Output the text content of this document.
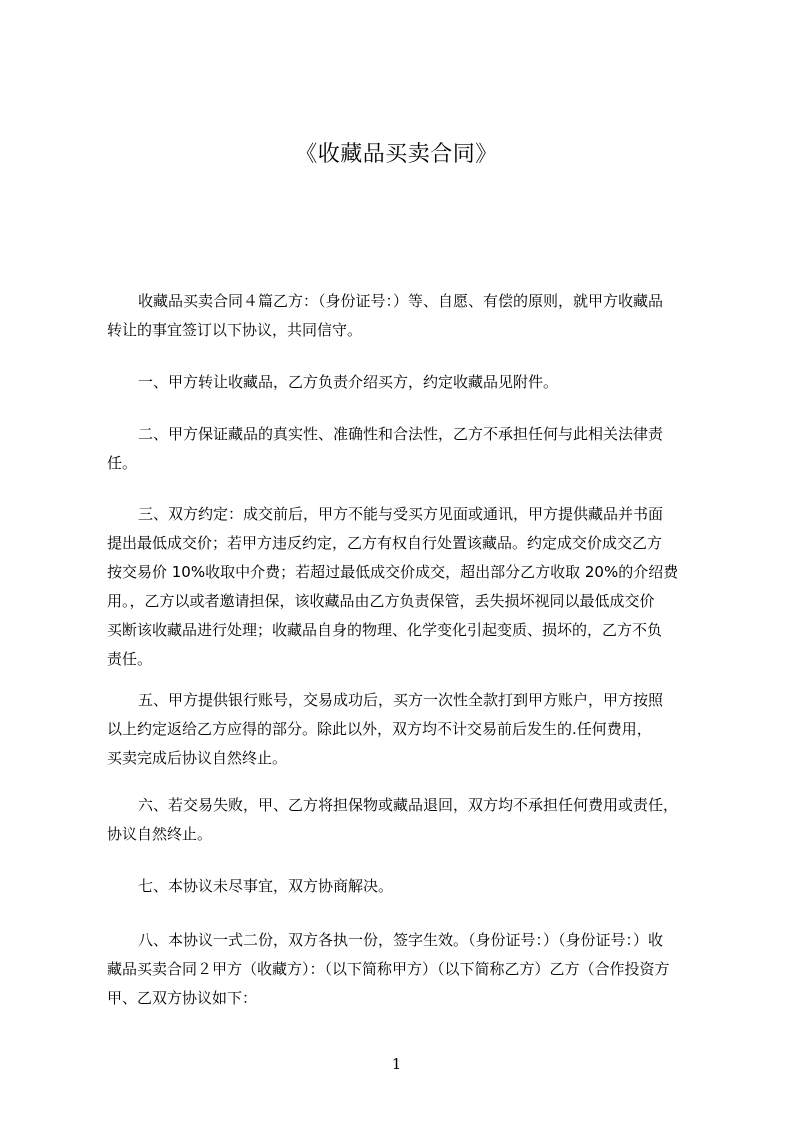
《收藏品买卖合同》
收藏品买卖合同４篇乙方：（身份证号：）等、自愿、有偿的原则，就甲方收藏品
转让的事宜签订以下协议，共同信守。
一、甲方转让收藏品，乙方负责介绍买方，约定收藏品见附件。
二、甲方保证藏品的真实性、准确性和合法性，乙方不承担任何与此相关法律责
任。
三、双方约定：成交前后，甲方不能与受买方见面或通讯，甲方提供藏品并书面
提出最低成交价；若甲方违反约定，乙方有权自行处置该藏品。约定成交价成交乙方
按交易价 10%收取中介费；若超过最低成交价成交，超出部分乙方收取 20%的介绍费
用。，乙方以或者邀请担保，该收藏品由乙方负责保管，丢失损坏视同以最低成交价
买断该收藏品进行处理；收藏品自身的物理、化学变化引起变质、损坏的，乙方不负
责任。
五、甲方提供银行账号，交易成功后，买方一次性全款打到甲方账户，甲方按照
以上约定返给乙方应得的部分。除此以外，双方均不计交易前后发生的.任何费用，
买卖完成后协议自然终止。
六、若交易失败，甲、乙方将担保物或藏品退回，双方均不承担任何费用或责任，
协议自然终止。
七、本协议未尽事宜，双方协商解决。
八、本协议一式二份，双方各执一份，签字生效。（身份证号：）（身份证号：）收
藏品买卖合同２甲方（收藏方）：（以下简称甲方）（以下简称乙方）乙方（合作投资方
甲、乙双方协议如下：
1
